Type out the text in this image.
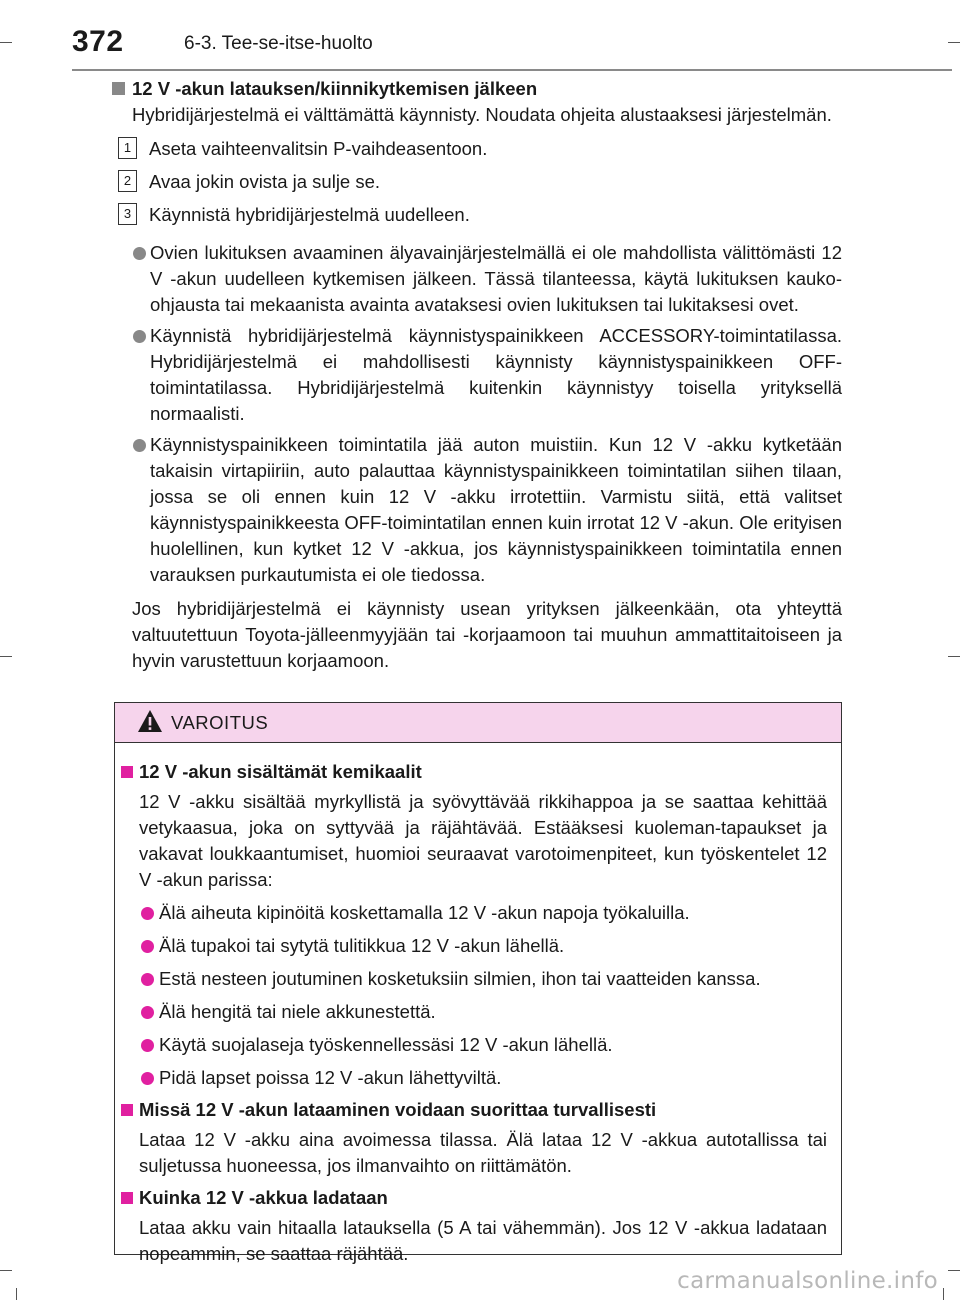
372	6-3. Tee-se-itse-huolto

12 V -akun latauksen/kiinnikytkemisen jälkeen

Hybridijärjestelmä ei välttämättä käynnisty. Noudata ohjeita alustaaksesi järjestelmän.

1 Aseta vaihteenvalitsin P-vaihdeasentoon.
2 Avaa jokin ovista ja sulje se.
3 Käynnistä hybridijärjestelmä uudelleen.

Ovien lukituksen avaaminen älyavainjärjestelmällä ei ole mahdollista välittömästi 12 V -akun uudelleen kytkemisen jälkeen. Tässä tilanteessa, käytä lukituksen kauko-ohjausta tai mekaanista avainta avataksesi ovien lukituksen tai lukitaksesi ovet.

Käynnistä hybridijärjestelmä käynnistyspainikkeen ACCESSORY-toimintatilassa. Hybridijärjestelmä ei mahdollisesti käynnisty käynnistyspainikkeen OFF-toimintatilassa. Hybridijärjestelmä kuitenkin käynnistyy toisella yrityksellä normaalisti.

Käynnistyspainikkeen toimintatila jää auton muistiin. Kun 12 V -akku kytketään takaisin virtapiiriin, auto palauttaa käynnistyspainikkeen toimintatilan siihen tilaan, jossa se oli ennen kuin 12 V -akku irrotettiin. Varmistu siitä, että valitset käynnistyspainikkeesta OFF-toimintatilan ennen kuin irrotat 12 V -akun. Ole erityisen huolellinen, kun kytket 12 V -akkua, jos käynnistyspainikkeen toimintatila ennen varauksen purkautumista ei ole tiedossa.

Jos hybridijärjestelmä ei käynnisty usean yrityksen jälkeenkään, ota yhteyttä valtuutettuun Toyota-jälleenmyyjään tai -korjaamoon tai muuhun ammattitaitoiseen ja hyvin varustettuun korjaamoon.

VAROITUS

12 V -akun sisältämät kemikaalit

12 V -akku sisältää myrkyllistä ja syövyttävää rikkihappoa ja se saattaa kehittää vetykaasua, joka on syttyvää ja räjähtävää. Estääksesi kuoleman-tapaukset ja vakavat loukkaantumiset, huomioi seuraavat varotoimenpiteet, kun työskentelet 12 V -akun parissa:

Älä aiheuta kipinöitä koskettamalla 12 V -akun napoja työkaluilla.

Älä tupakoi tai sytytä tulitikkua 12 V -akun lähellä.

Estä nesteen joutuminen kosketuksiin silmien, ihon tai vaatteiden kanssa.

Älä hengitä tai niele akkunestettä.

Käytä suojalaseja työskennellessäsi 12 V -akun lähellä.

Pidä lapset poissa 12 V -akun lähettyviltä.

Missä 12 V -akun lataaminen voidaan suorittaa turvallisesti

Lataa 12 V -akku aina avoimessa tilassa. Älä lataa 12 V -akkua autotallissa tai suljetussa huoneessa, jos ilmanvaihto on riittämätön.

Kuinka 12 V -akkua ladataan

Lataa akku vain hitaalla latauksella (5 A tai vähemmän). Jos 12 V -akkua ladataan nopeammin, se saattaa räjähtää.

carmanualsonline.info
